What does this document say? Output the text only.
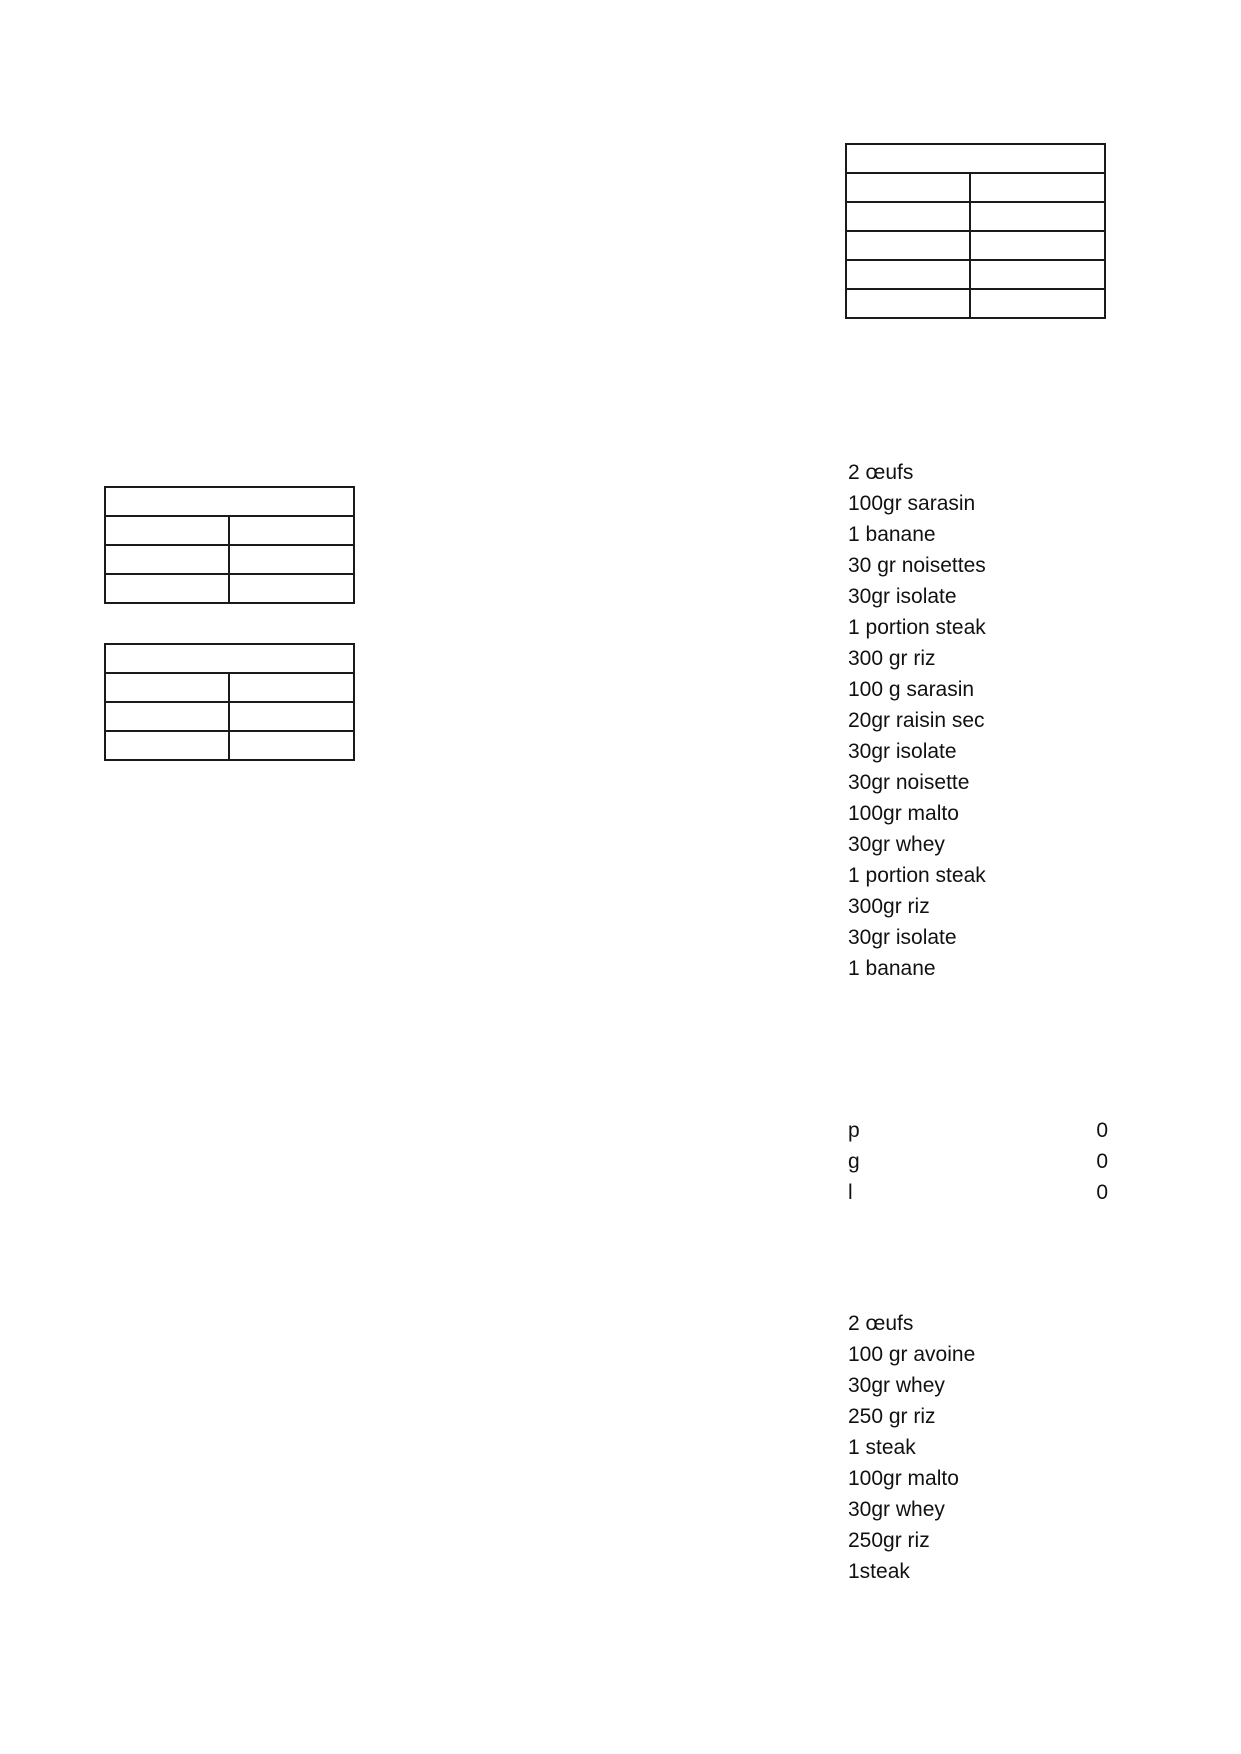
2 œufs
100gr sarasin
1 banane
30 gr noisettes
30gr isolate
1 portion steak
300 gr riz
100 g sarasin
20gr raisin sec
30gr isolate
30gr noisette
100gr malto
30gr whey
1 portion steak
300gr riz
30gr isolate
1 banane
p	0
g	0
l	0
2 œufs
100 gr avoine
30gr whey
250 gr riz
1 steak
100gr malto
30gr whey
250gr riz
1steak
